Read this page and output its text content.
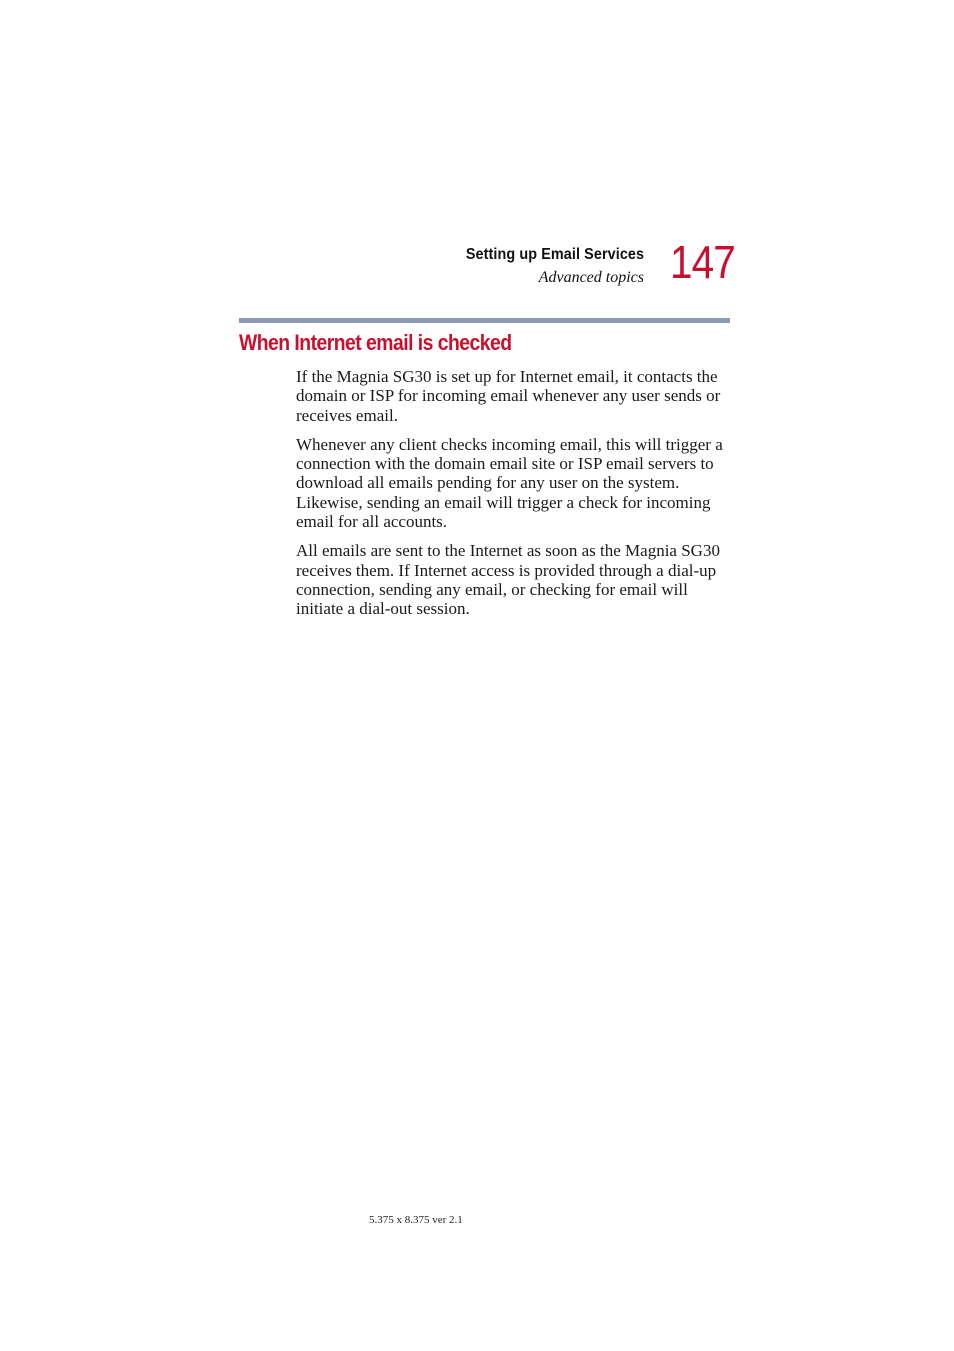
Setting up Email Services
Advanced topics 147
When Internet email is checked

If the Magnia SG30 is set up for Internet email, it contacts the domain or ISP for incoming email whenever any user sends or receives email.

Whenever any client checks incoming email, this will trigger a connection with the domain email site or ISP email servers to download all emails pending for any user on the system. Likewise, sending an email will trigger a check for incoming email for all accounts.

All emails are sent to the Internet as soon as the Magnia SG30 receives them. If Internet access is provided through a dial-up connection, sending any email, or checking for email will initiate a dial-out session.

5.375 x 8.375 ver 2.1
